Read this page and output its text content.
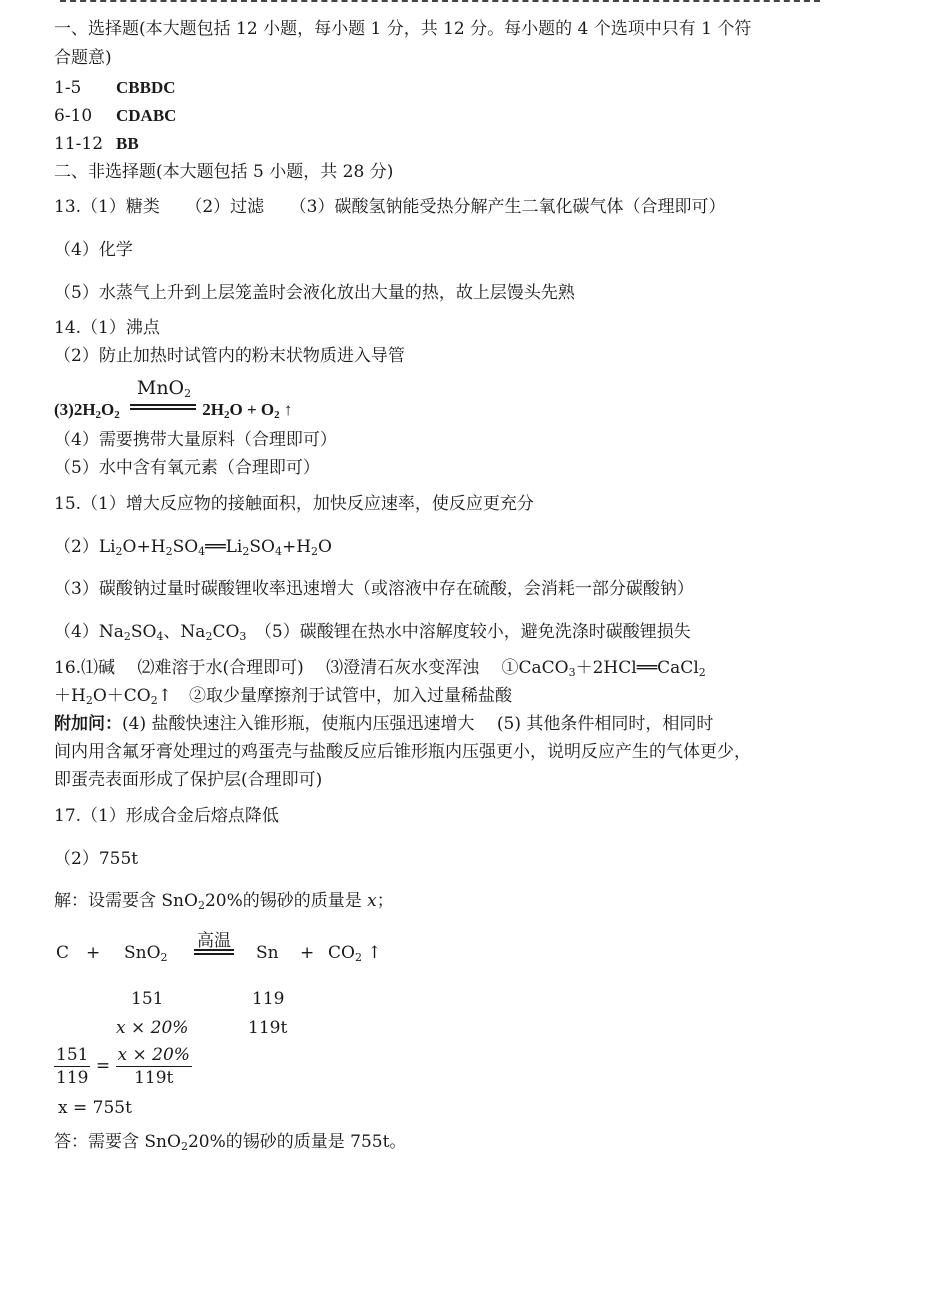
一、选择题(本大题包括 12 小题，每小题 1 分，共 12 分。每小题的 4 个选项中只有 1 个符
合题意)
1-5 CBBDC
6-10 CDABC
11-12 BB
二、非选择题(本大题包括 5 小题，共 28 分)
13.（1）糖类　　（2）过滤　　（3）碳酸氢钠能受热分解产生二氧化碳气体（合理即可）
（4）化学
（5）水蒸气上升到上层笼盖时会液化放出大量的热，故上层馒头先熟
14.（1）沸点
（2）防止加热时试管内的粉末状物质进入导管
$(3)2H_2O_2$	$2H_2O + O_2$ ↑
MnO$_2$
（4）需要携带大量原料（合理即可）
（5）水中含有氧元素（合理即可）
15.（1）增大反应物的接触面积，加快反应速率，使反应更充分
$(2)Li_2O+H_2SO_4══Li_2SO_4+H_2O$
（3）碳酸钠过量时碳酸锂收率迅速增大（或溶液中存在硫酸，会消耗一部分碳酸钠）
$(4)Na_2SO_4$、$Na_2CO_3$　（5）碳酸锂在热水中溶解度较小，避免洗涤时碳酸锂损失
16.⑴碱　 ⑵难溶于水(合理即可)　 ⑶澄清石灰水变浑浊　 ①CaCO$_3$＋2HCl══CaCl$_2$
$+H_2O+CO_2↑$　②取少量摩擦剂于试管中，加入过量稀盐酸
附加问：(4) 盐酸快速注入锥形瓶，使瓶内压强迅速增大　 (5) 其他条件相同时，相同时
间内用含氟牙膏处理过的鸡蛋壳与盐酸反应后锥形瓶内压强更小，说明反应产生的气体更少，
即蛋壳表面形成了保护层(合理即可)
17.（1）形成合金后熔点降低
（2）755t
解：设需要含 SnO$_2$20%的锡砂的质量是 x；
C + SnO$_2$
高温
$Sn + CO_2$ ↑
151	119
x × 20%	119t
$\frac{151}{119} = \frac{x \times 20\%}{119t}$
x = 755t
答：需要含 SnO$_2$20%的锡砂的质量是 755t。
